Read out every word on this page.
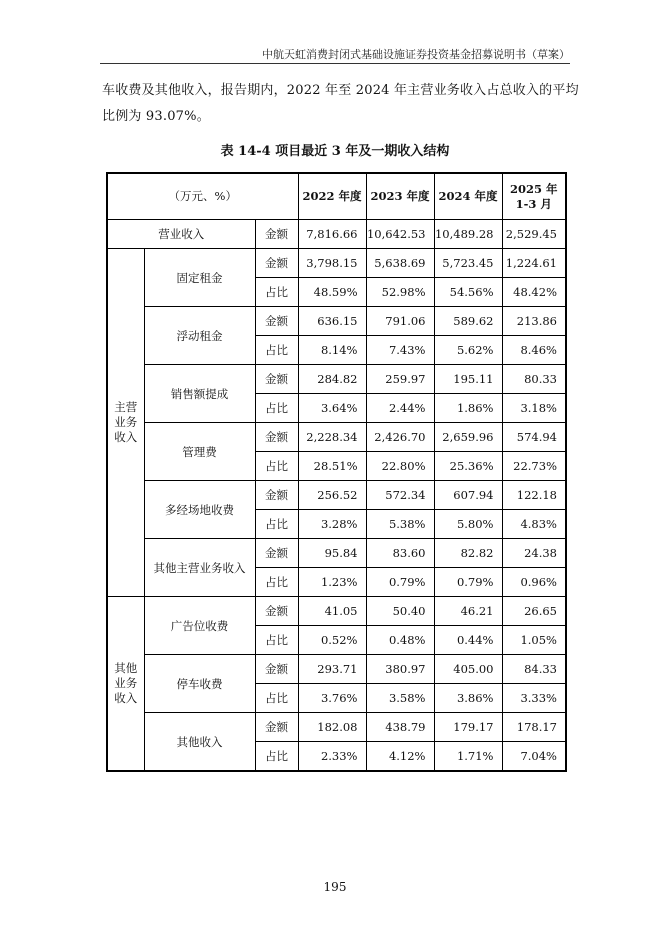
中航天虹消费封闭式基础设施证券投资基金招募说明书（草案）
车收费及其他收入，报告期内，2022 年至 2024 年主营业务收入占总收入的平均
比例为 93.07%。
表 14-4 项目最近 3 年及一期收入结构
（万元、%）			2022 年度	2023 年度	2024 年度	2025 年
1-3 月
营业收入		金额	7,816.66	10,642.53	10,489.28	2,529.45
主营
业务
收入	固定租金	金额	3,798.15	5,638.69	5,723.45	1,224.61
		占比	48.59%	52.98%	54.56%	48.42%
	浮动租金	金额	636.15	791.06	589.62	213.86
		占比	8.14%	7.43%	5.62%	8.46%
	销售额提成	金额	284.82	259.97	195.11	80.33
		占比	3.64%	2.44%	1.86%	3.18%
	管理费	金额	2,228.34	2,426.70	2,659.96	574.94
		占比	28.51%	22.80%	25.36%	22.73%
	多经场地收费	金额	256.52	572.34	607.94	122.18
		占比	3.28%	5.38%	5.80%	4.83%
	其他主营业务收入	金额	95.84	83.60	82.82	24.38
		占比	1.23%	0.79%	0.79%	0.96%
其他
业务
收入	广告位收费	金额	41.05	50.40	46.21	26.65
		占比	0.52%	0.48%	0.44%	1.05%
	停车收费	金额	293.71	380.97	405.00	84.33
		占比	3.76%	3.58%	3.86%	3.33%
	其他收入	金额	182.08	438.79	179.17	178.17
		占比	2.33%	4.12%	1.71%	7.04%
195
